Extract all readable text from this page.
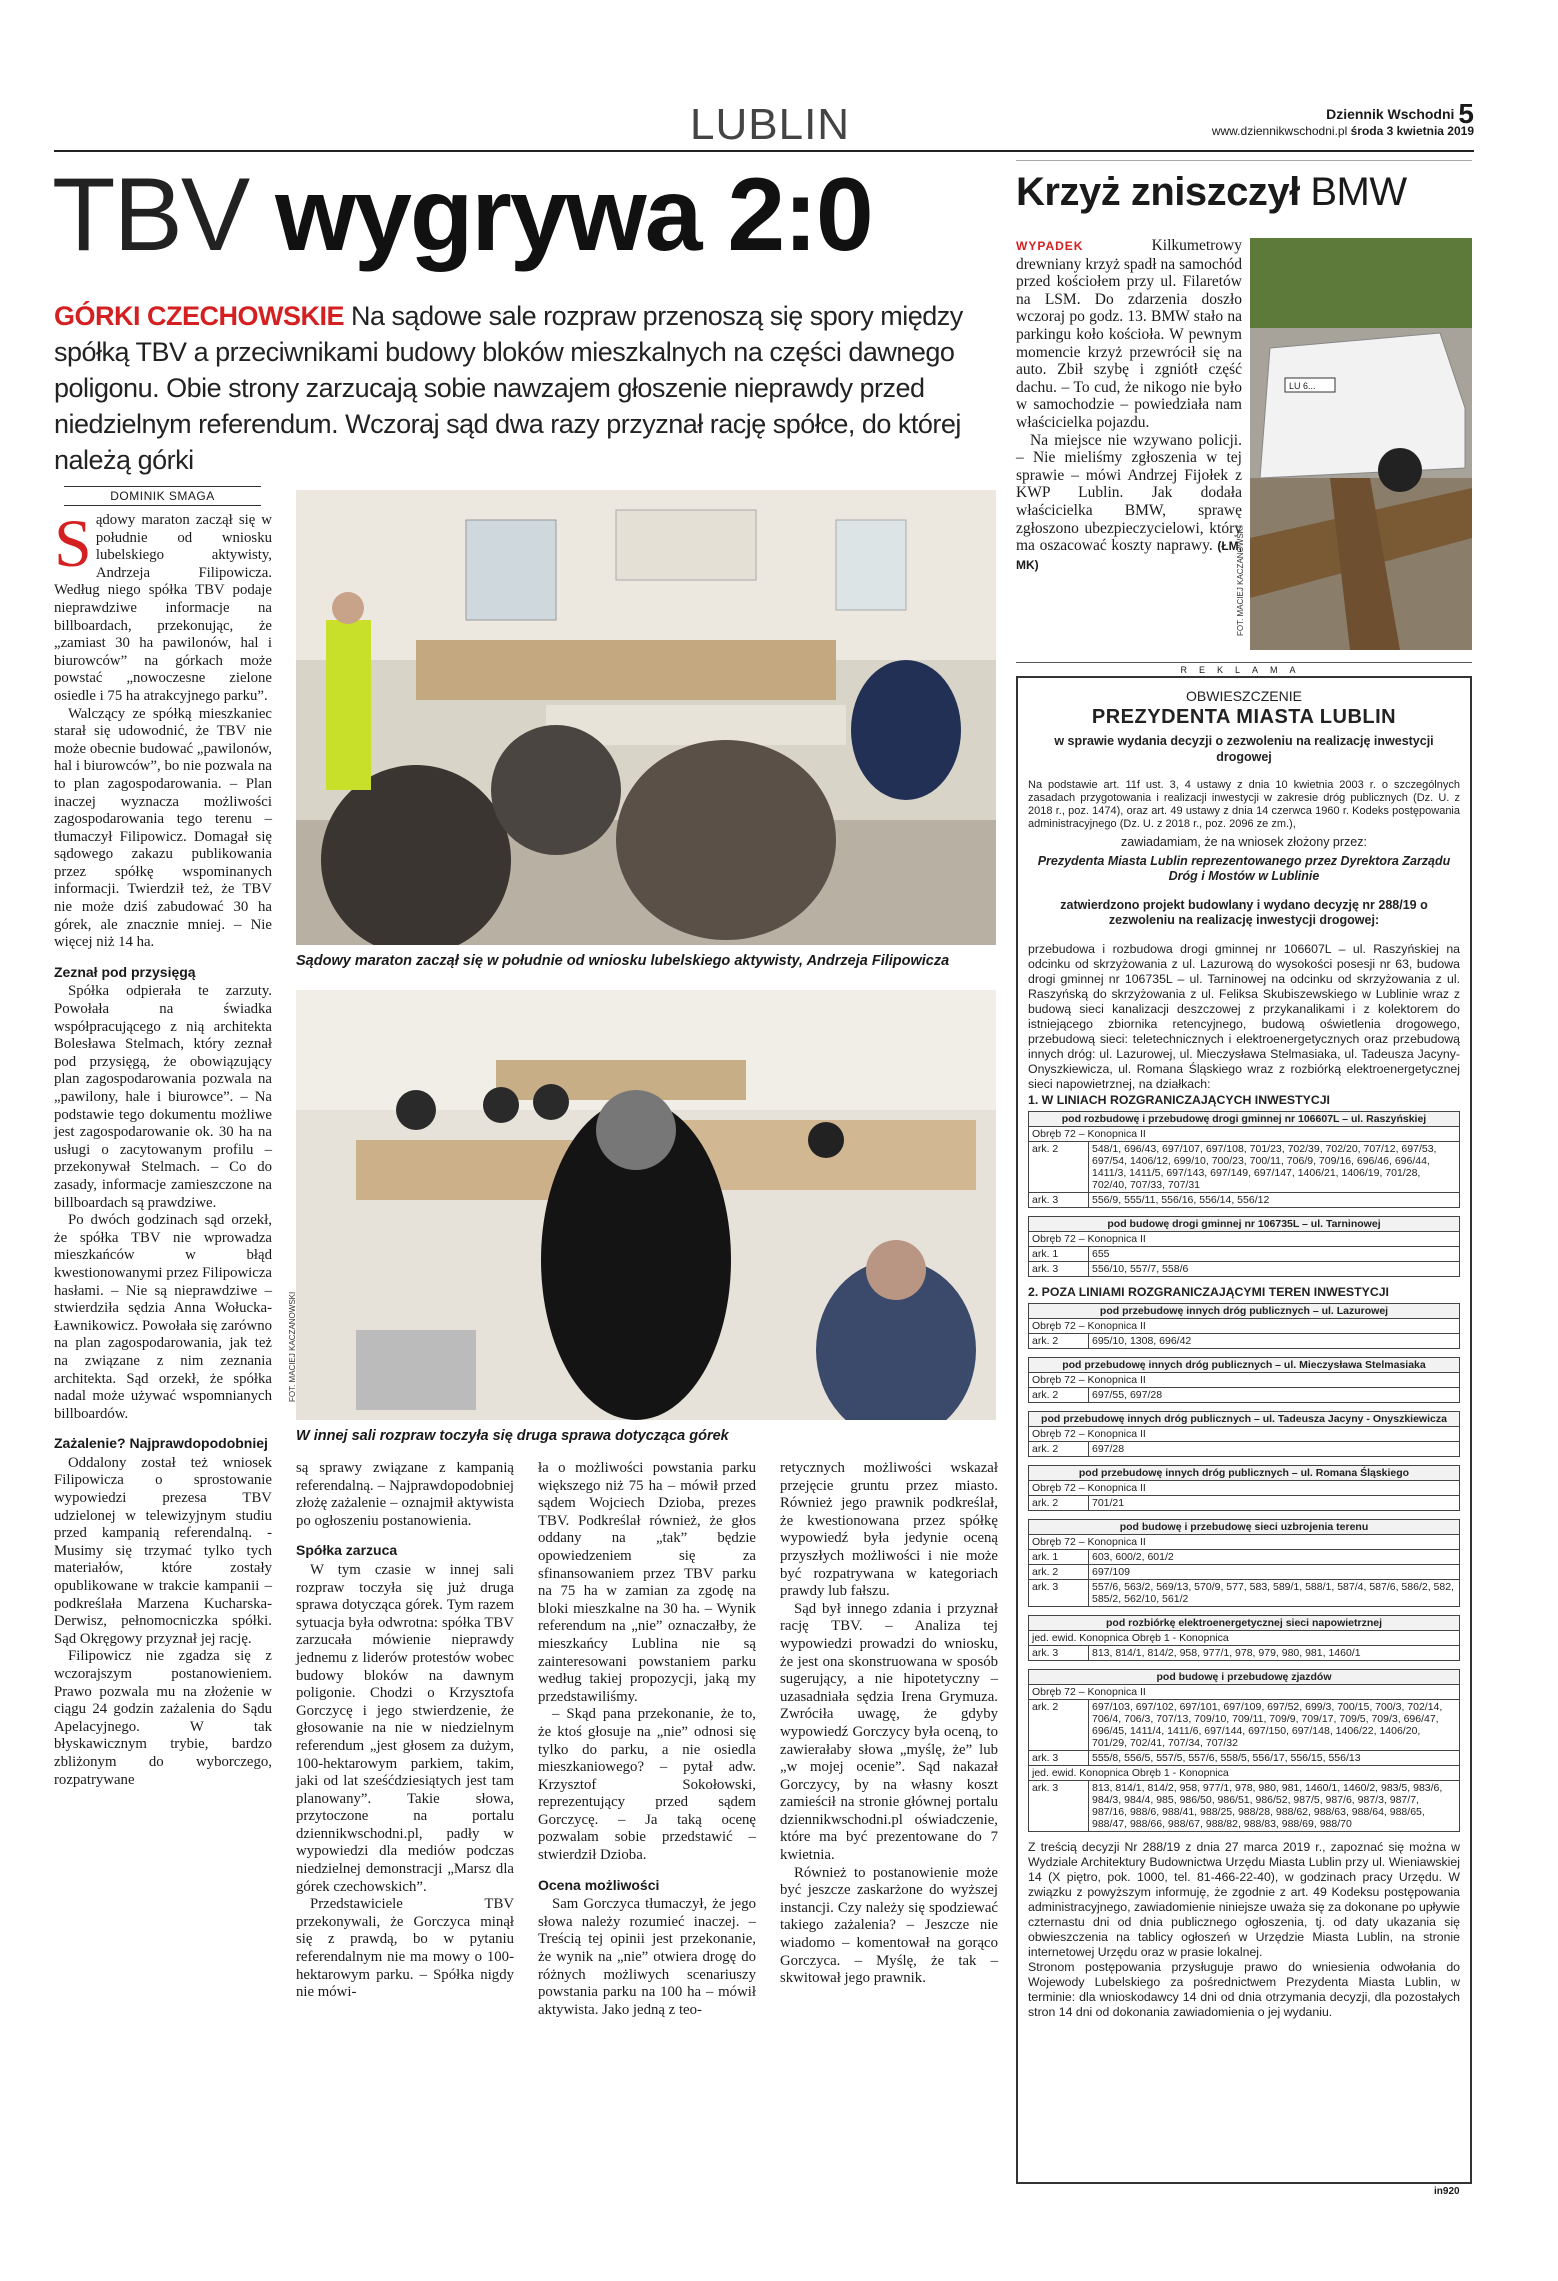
LUBLIN	Dziennik Wschodni 5
www.dziennikwschodni.pl środa 3 kwietnia 2019
TBV wygrywa 2:0
GÓRKI CZECHOWSKIE Na sądowe sale rozpraw przenoszą się spory między spółką TBV a przeciwnikami budowy bloków mieszkalnych na części dawnego poligonu. Obie strony zarzucają sobie nawzajem głoszenie nieprawdy przed niedzielnym referendum. Wczoraj sąd dwa razy przyznał rację spółce, do której należą górki
DOMINIK SMAGA

Sądowy maraton zaczął się w południe od wniosku lubelskiego aktywisty, Andrzeja Filipowicza. Według niego spółka TBV podaje nieprawdziwe informacje na billboardach, przekonując, że „zamiast 30 ha pawilonów, hal i biurowców” na górkach może powstać „nowoczesne zielone osiedle i 75 ha atrakcyjnego parku”.

Walczący ze spółką mieszkaniec starał się udowodnić, że TBV nie może obecnie budować „pawilonów, hal i biurowców”, bo nie pozwala na to plan zagospodarowania. – Plan inaczej wyznacza możliwości zagospodarowania tego terenu – tłumaczył Filipowicz. Domagał się sądowego zakazu publikowania przez spółkę wspominanych informacji. Twierdził też, że TBV nie może dziś zabudować 30 ha górek, ale znacznie mniej. – Nie więcej niż 14 ha.

Zeznał pod przysięgą

Spółka odpierała te zarzuty. Powołała na świadka współpracującego z nią architekta Bolesława Stelmach, który zeznał pod przysięgą, że obowiązujący plan zagospodarowania pozwala na „pawilony, hale i biurowce”. – Na podstawie tego dokumentu możliwe jest zagospodarowanie ok. 30 ha na usługi o zacytowanym profilu – przekonywał Stelmach. – Co do zasady, informacje zamieszczone na billboardach są prawdziwe.

Po dwóch godzinach sąd orzekł, że spółka TBV nie wprowadza mieszkańców w błąd kwestionowanymi przez Filipowicza hasłami. – Nie są nieprawdziwe – stwierdziła sędzia Anna Wołucka-Ławnikowicz. Powołała się zarówno na plan zagospodarowania, jak też na związane z nim zeznania architekta. Sąd orzekł, że spółka nadal może używać wspomnianych billboardów.

Zażalenie? Najprawdopodobniej

Oddalony został też wniosek Filipowicza o sprostowanie wypowiedzi prezesa TBV udzielonej w telewizyjnym studiu przed kampanią referendalną. - Musimy się trzymać tylko tych materiałów, które zostały opublikowane w trakcie kampanii – podkreślała Marzena Kucharska-Derwisz, pełnomocniczka spółki. Sąd Okręgowy przyznał jej rację.

Filipowicz nie zgadza się z wczorajszym postanowieniem. Prawo pozwala mu na złożenie w ciągu 24 godzin zażalenia do Sądu Apelacyjnego. W tak błyskawicznym trybie, bardzo zbliżonym do wyborczego, rozpatrywane

Sądowy maraton zaczął się w południe od wniosku lubelskiego aktywisty, Andrzeja Filipowicza
FOT. MACIEJ KACZANOWSKI
W innej sali rozpraw toczyła się druga sprawa dotycząca górek

są sprawy związane z kampanią referendalną. – Najprawdopodobniej złożę zażalenie – oznajmił aktywista po ogłoszeniu postanowienia.

Spółka zarzuca

W tym czasie w innej sali rozpraw toczyła się już druga sprawa dotycząca górek. Tym razem sytuacja była odwrotna: spółka TBV zarzucała mówienie nieprawdy jednemu z liderów protestów wobec budowy bloków na dawnym poligonie. Chodzi o Krzysztofa Gorczycę i jego stwierdzenie, że głosowanie na nie w niedzielnym referendum „jest głosem za dużym, 100-hektarowym parkiem, takim, jaki od lat sześćdziesiątych jest tam planowany”. Takie słowa, przytoczone na portalu dziennikwschodni.pl, padły w wypowiedzi dla mediów podczas niedzielnej demonstracji „Marsz dla górek czechowskich”.

Przedstawiciele TBV przekonywali, że Gorczyca minął się z prawdą, bo w pytaniu referendalnym nie ma mowy o 100-hektarowym parku. – Spółka nigdy nie mówi-

ła o możliwości powstania parku większego niż 75 ha – mówił przed sądem Wojciech Dzioba, prezes TBV. Podkreślał również, że głos oddany na „tak” będzie opowiedzeniem się za sfinansowaniem przez TBV parku na 75 ha w zamian za zgodę na bloki mieszkalne na 30 ha. – Wynik referendum na „nie” oznaczałby, że mieszkańcy Lublina nie są zainteresowani powstaniem parku według takiej propozycji, jaką my przedstawiliśmy.

– Skąd pana przekonanie, że to, że ktoś głosuje na „nie” odnosi się tylko do parku, a nie osiedla mieszkaniowego? – pytał adw. Krzysztof Sokołowski, reprezentujący przed sądem Gorczycę. – Ja taką ocenę pozwalam sobie przedstawić – stwierdził Dzioba.

Ocena możliwości

Sam Gorczyca tłumaczył, że jego słowa należy rozumieć inaczej. – Treścią tej opinii jest przekonanie, że wynik na „nie” otwiera drogę do różnych możliwych scenariuszy powstania parku na 100 ha – mówił aktywista. Jako jedną z teo-

retycznych możliwości wskazał przejęcie gruntu przez miasto. Również jego prawnik podkreślał, że kwestionowana przez spółkę wypowiedź była jedynie oceną przyszłych możliwości i nie może być rozpatrywana w kategoriach prawdy lub fałszu.

Sąd był innego zdania i przyznał rację TBV. – Analiza tej wypowiedzi prowadzi do wniosku, że jest ona skonstruowana w sposób sugerujący, a nie hipotetyczny – uzasadniała sędzia Irena Grymuza. Zwróciła uwagę, że gdyby wypowiedź Gorczycy była oceną, to zawierałaby słowa „myślę, że” lub „w mojej ocenie”. Sąd nakazał Gorczycy, by na własny koszt zamieścił na stronie głównej portalu dziennikwschodni.pl oświadczenie, które ma być prezentowane do 7 kwietnia.

Również to postanowienie może być jeszcze zaskarżone do wyższej instancji. Czy należy się spodziewać takiego zażalenia? – Jeszcze nie wiadomo – komentował na gorąco Gorczyca. – Myślę, że tak – skwitował jego prawnik.

Krzyż zniszczył BMW

WYPADEK	Kilkumetrowy drewniany krzyż spadł na samochód przed kościołem przy ul. Filaretów na LSM. Do zdarzenia doszło wczoraj po godz. 13. BMW stało na parkingu koło kościoła. W pewnym momencie krzyż przewrócił się na auto. Zbił szybę i zgniótł część dachu. – To cud, że nikogo nie było w samochodzie – powiedziała nam właścicielka pojazdu.

Na miejsce nie wzywano policji. – Nie mieliśmy zgłoszenia w tej sprawie – mówi Andrzej Fijołek z KWP Lublin. Jak dodała właścicielka BMW, sprawę zgłoszono ubezpieczycielowi, który ma oszacować koszty naprawy. (ŁM, MK)

LU 6...
FOT. MACIEJ KACZANOWSKI
REKLAMA
OBWIESZCZENIE
PREZYDENTA MIASTA LUBLIN
w sprawie wydania decyzji o zezwoleniu na realizację inwestycji drogowej
Na podstawie art. 11f ust. 3, 4 ustawy z dnia 10 kwietnia 2003 r. o szczególnych zasadach przygotowania i realizacji inwestycji w zakresie dróg publicznych (Dz. U. z 2018 r., poz. 1474), oraz art. 49 ustawy z dnia 14 czerwca 1960 r. Kodeks postępowania administracyjnego (Dz. U. z 2018 r., poz. 2096 ze zm.),
zawiadamiam, że na wniosek złożony przez:
Prezydenta Miasta Lublin reprezentowanego przez Dyrektora Zarządu Dróg i Mostów w Lublinie
zatwierdzono projekt budowlany i wydano decyzję nr 288/19 o zezwoleniu na realizację inwestycji drogowej:
przebudowa i rozbudowa drogi gminnej nr 106607L – ul. Raszyńskiej na odcinku od skrzyżowania z ul. Lazurową do wysokości posesji nr 63, budowa drogi gminnej nr 106735L – ul. Tarninowej na odcinku od skrzyżowania z ul. Raszyńską do skrzyżowania z ul. Feliksa Skubiszewskiego w Lublinie wraz z budową sieci kanalizacji deszczowej z przykanalikami i z kolektorem do istniejącego zbiornika retencyjnego, budową oświetlenia drogowego, przebudową sieci: teletechnicznych i elektroenergetycznych oraz przebudową innych dróg: ul. Lazurowej, ul. Mieczysława Stelmasiaka, ul. Tadeusza Jacyny-Onyszkiewicza, ul. Romana Śląskiego wraz z rozbiórką elektroenergetycznej sieci napowietrznej, na działkach:
1. W LINIACH ROZGRANICZAJĄCYCH INWESTYCJI
pod rozbudowę i przebudowę drogi gminnej nr 106607L – ul. Raszyńskiej	
Obręb 72 – Konopnica II	
ark. 2	548/1, 696/43, 697/107, 697/108, 701/23, 702/39, 702/20, 707/12, 697/53, 697/54, 1406/12, 699/10, 700/23, 700/11, 706/9, 709/16, 696/46, 696/44, 1411/3, 1411/5, 697/143, 697/149, 697/147, 1406/21, 1406/19, 701/28, 702/40, 707/33, 707/31
ark. 3	556/9, 555/11, 556/16, 556/14, 556/12
pod budowę drogi gminnej nr 106735L – ul. Tarninowej	
Obręb 72 – Konopnica II	
ark. 1	655
ark. 3	556/10, 557/7, 558/6
2. POZA LINIAMI ROZGRANICZAJĄCYMI TEREN INWESTYCJI
pod przebudowę innych dróg publicznych – ul. Lazurowej
Obręb 72 – Konopnica II
ark. 2	695/10, 1308, 696/42
pod przebudowę innych dróg publicznych – ul. Mieczysława Stelmasiaka
Obręb 72 – Konopnica II
ark. 2	697/55, 697/28
pod przebudowę innych dróg publicznych – ul. Tadeusza Jacyny - Onyszkiewicza
Obręb 72 – Konopnica II
ark. 2	697/28
pod przebudowę innych dróg publicznych – ul. Romana Śląskiego
Obręb 72 – Konopnica II
ark. 2	701/21
pod budowę i przebudowę sieci uzbrojenia terenu	
Obręb 72 – Konopnica II	
ark. 1	603, 600/2, 601/2
ark. 2	697/109
ark. 3	557/6, 563/2, 569/13, 570/9, 577, 583, 589/1, 588/1, 587/4, 587/6, 586/2, 582, 585/2, 562/10, 561/2
pod rozbiórkę elektroenergetycznej sieci napowietrznej
jed. ewid. Konopnica Obręb 1 - Konopnica
ark. 3	813, 814/1, 814/2, 958, 977/1, 978, 979, 980, 981, 1460/1
pod budowę i przebudowę zjazdów	
Obręb 72 – Konopnica II	
ark. 2	697/103, 697/102, 697/101, 697/109, 697/52, 699/3, 700/15, 700/3, 702/14, 706/4, 706/3, 707/13, 709/10, 709/11, 709/9, 709/17, 709/5, 709/3, 696/47, 696/45, 1411/4, 1411/6, 697/144, 697/150, 697/148, 1406/22, 1406/20, 701/29, 702/41, 707/34, 707/32
ark. 3	555/8, 556/5, 557/5, 557/6, 558/5, 556/17, 556/15, 556/13
jed. ewid. Konopnica Obręb 1 - Konopnica	
ark. 3	813, 814/1, 814/2, 958, 977/1, 978, 980, 981, 1460/1, 1460/2, 983/5, 983/6, 984/3, 984/4, 985, 986/50, 986/51, 986/52, 987/5, 987/6, 987/3, 987/7, 987/16, 988/6, 988/41, 988/25, 988/28, 988/62, 988/63, 988/64, 988/65, 988/47, 988/66, 988/67, 988/82, 988/83, 988/69, 988/70
Z treścią decyzji Nr 288/19 z dnia 27 marca 2019 r., zapoznać się można w Wydziale Architektury Budownictwa Urzędu Miasta Lublin przy ul. Wieniawskiej 14 (X piętro, pok. 1000, tel. 81-466-22-40), w godzinach pracy Urzędu. W związku z powyższym informuję, że zgodnie z art. 49 Kodeksu postępowania administracyjnego, zawiadomienie niniejsze uważa się za dokonane po upływie czternastu dni od dnia publicznego ogłoszenia, tj. od daty ukazania się obwieszczenia na tablicy ogłoszeń w Urzędzie Miasta Lublin, na stronie internetowej Urzędu oraz w prasie lokalnej.
Stronom postępowania przysługuje prawo do wniesienia odwołania do Wojewody Lubelskiego za pośrednictwem Prezydenta Miasta Lublin, w terminie: dla wnioskodawcy 14 dni od dnia otrzymania decyzji, dla pozostałych stron 14 dni od dokonania zawiadomienia o jej wydaniu.
in920
